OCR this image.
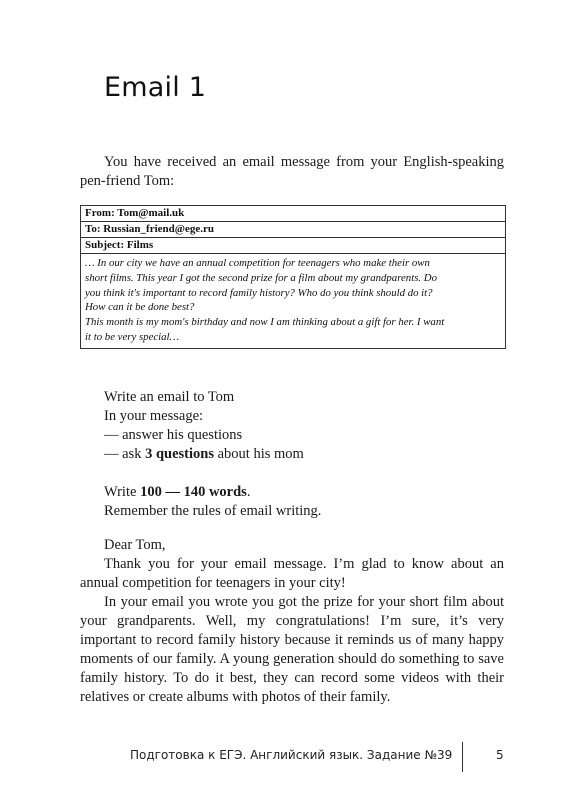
Email 1
You have received an email message from your English-speaking pen-friend Tom:
From: Tom@mail.uk
To: Russian_friend@ege.ru
Subject: Films
… In our city we have an annual competition for teenagers who make their own
short films. This year I got the second prize for a film about my grandparents. Do
you think it's important to record family history? Who do you think should do it?
How can it be done best?
This month is my mom's birthday and now I am thinking about a gift for her. I want
it to be very special…
Write an email to Tom
In your message:
— answer his questions
— ask 3 questions about his mom
Write 100 — 140 words.
Remember the rules of email writing.
Dear Tom,

Thank you for your email message. I’m glad to know about an annual competition for teenagers in your city!

In your email you wrote you got the prize for your short film about your grandparents. Well, my congratulations! I’m sure, it’s very important to record family history because it reminds us of many happy moments of our family. A young generation should do something to save family history. To do it best, they can record some videos with their relatives or create albums with photos of their family.

Подготовка к ЕГЭ. Английский язык. Задание №39	5
